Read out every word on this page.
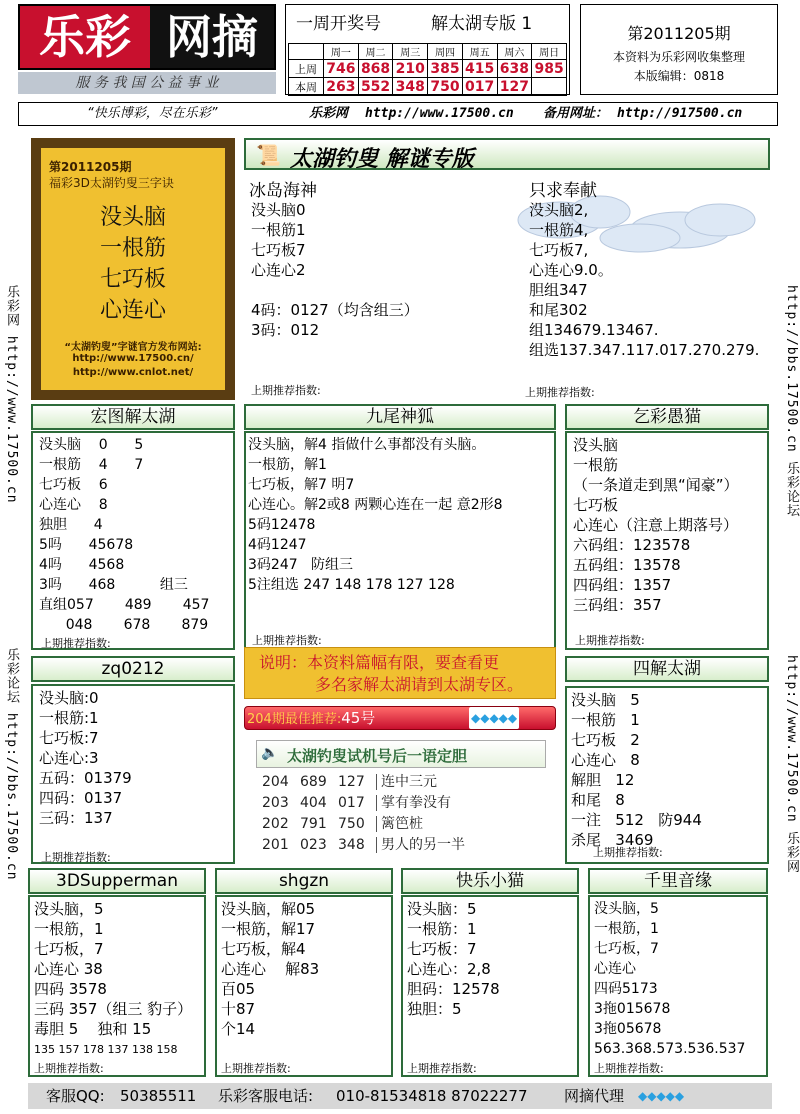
乐彩 网摘
服 务 我 国 公 益 事 业
一周开奖号	解太湖专版 1
	周一	周二	周三	周四	周五	周六	周日
上周	746	868	210	385	415	638	985
本周	263	552	348	750	017	127	
第2011205期
本资料为乐彩网收集整理
本版编辑：0818
“快乐博彩，尽在乐彩”	乐彩网 http://www.17500.cn 备用网址： http://917500.cn
乐彩网 http://www.17500.cn
乐彩论坛 http://bbs.17500.cn
http://bbs.17500.cn 乐彩论坛
http://www.17500.cn 乐彩网
第2011205期
福彩3D太湖钓叟三字诀
没头脑
一根筋
七巧板
心连心
“太湖钓叟”字谜官方发布网站:
http://www.17500.cn/
http://www.cnlot.net/
📜 太湖钓叟 解谜专版
冰岛海神
没头脑0
一根筋1
七巧板7
心连心2

4码：0127（均含组三）
3码：012
上期推荐指数:
只求奉献
没头脑2,
一根筋4,
七巧板7,
心连心9.0。
胆组347
和尾302
组134679.13467.
组选137.347.117.017.270.279.
上期推荐指数:
宏图解太湖
没头脑    0      5
一根筋    4      7
七巧板    6
心连心    8
独胆      4
5吗      45678
4吗      4568
3吗      468          组三
直组057       489       457
048       678       879
上期推荐指数:
九尾神狐
没头脑，解4 指做什么事都没有头脑。
一根筋，解1
七巧板，解7 明7
心连心。解2或8 两颗心连在一起 意2形8
5码12478
4码1247
3码247   防组三
5注组选 247 148 178 127 128
上期推荐指数:
乞彩愚猫
没头脑
一根筋
（一条道走到黑“闻豪”）
七巧板
心连心（注意上期落号）
六码组：123578
五码组：13578
四码组：1357
三码组：357
上期推荐指数:
zq0212
没头脑:0
一根筋:1
七巧板:7
心连心:3
五码：01379
四码：0137
三码：137
上期推荐指数:
说明：本资料篇幅有限，要查看更
多名家解太湖请到太湖专区。
204期最佳推荐:45号	◆◆◆◆◆
🔈 太湖钓叟试机号后一语定胆
204 689 127 连中三元
203 404 017 掌有拳没有
202 791 750 篱笆桩
201 023 348 男人的另一半
四解太湖
没头脑   5
一根筋   1
七巧板   2
心连心   8
解胆   12
和尾   8
一注   512   防944
杀尾   3469
上期推荐指数:
3DSupperman
没头脑，5
一根筋，1
七巧板，7
心连心 38
四码 3578
三码 357（组三 豹子）
毒胆 5    独和 15
135 157 178 137 138 158
上期推荐指数:
shgzn
没头脑，解05
一根筋，解17
七巧板，解4
心连心    解83
百05
十87
个14
上期推荐指数:
快乐小猫
没头脑：5
一根筋：1
七巧板：7
心连心：2,8
胆码：12578
独胆：5
上期推荐指数:
千里音缘
没头脑，5
一根筋，1
七巧板，7
心连心
四码5173
3拖015678
3拖05678
563.368.573.536.537
上期推荐指数:
客服QQ: 50385511 乐彩客服电话: 010-81534818 87022277 网摘代理 ◆◆◆◆◆
